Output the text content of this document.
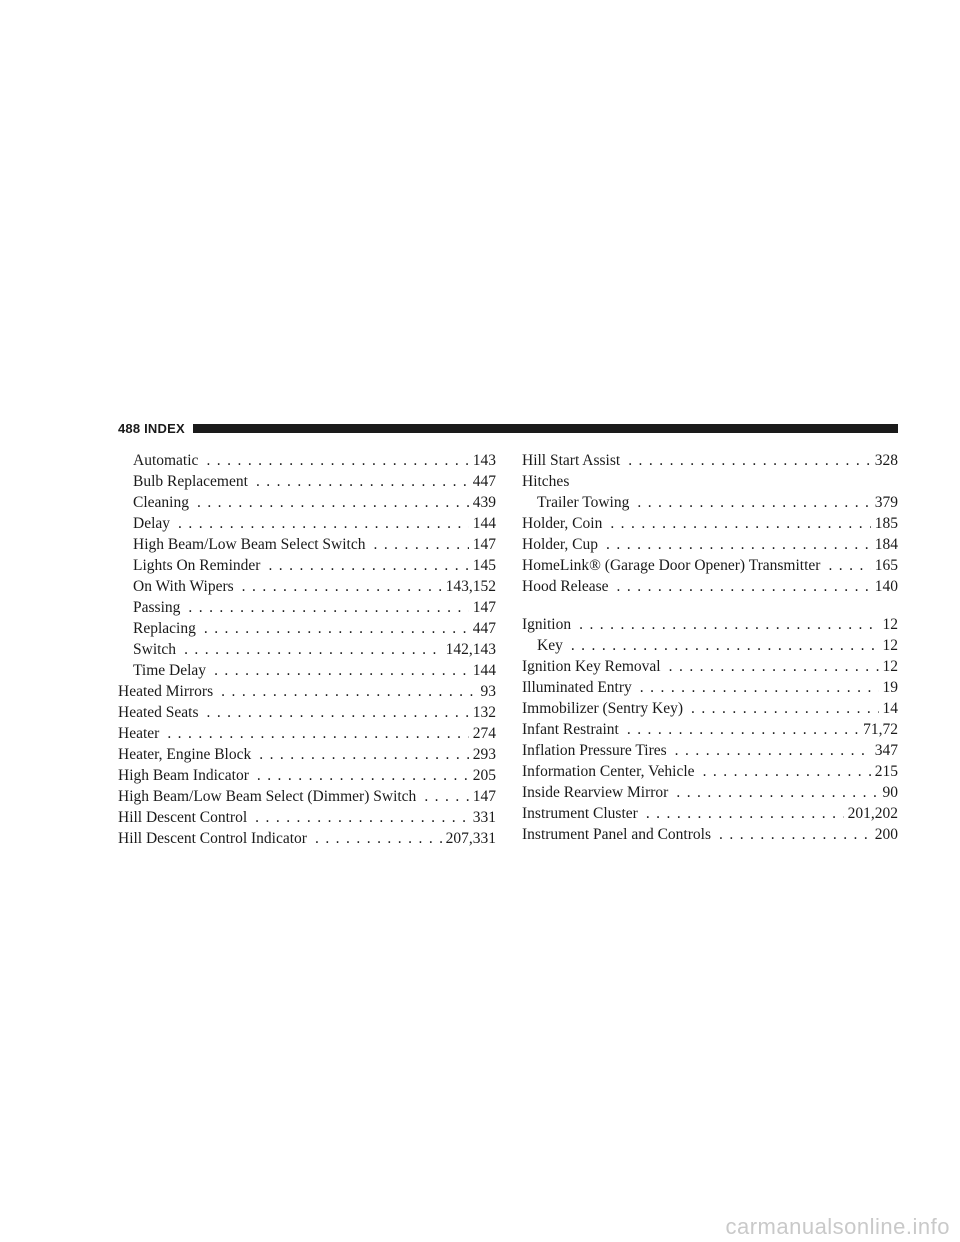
488 INDEX
Automatic . . .	143
Bulb Replacement . . .	447
Cleaning . . .	439
Delay . . .	144
High Beam/Low Beam Select Switch . . .	147
Lights On Reminder . . .	145
On With Wipers . . .	143,152
Passing . . .	147
Replacing . . .	447
Switch . . .	142,143
Time Delay . . .	144
Heated Mirrors . . .	93
Heated Seats . . .	132
Heater . . .	274
Heater, Engine Block . . .	293
High Beam Indicator . . .	205
High Beam/Low Beam Select (Dimmer) Switch . . .	147
Hill Descent Control . . .	331
Hill Descent Control Indicator . . .	207,331
Hill Start Assist . . .	328
Hitches
Trailer Towing . . .	379
Holder, Coin . . .	185
Holder, Cup . . .	184
HomeLink® (Garage Door Opener) Transmitter . . .	165
Hood Release . . .	140
Ignition . . .	12
Key . . .	12
Ignition Key Removal . . .	12
Illuminated Entry . . .	19
Immobilizer (Sentry Key) . . .	14
Infant Restraint . . .	71,72
Inflation Pressure Tires . . .	347
Information Center, Vehicle . . .	215
Inside Rearview Mirror . . .	90
Instrument Cluster . . .	201,202
Instrument Panel and Controls . . .	200
carmanualsonline.info
